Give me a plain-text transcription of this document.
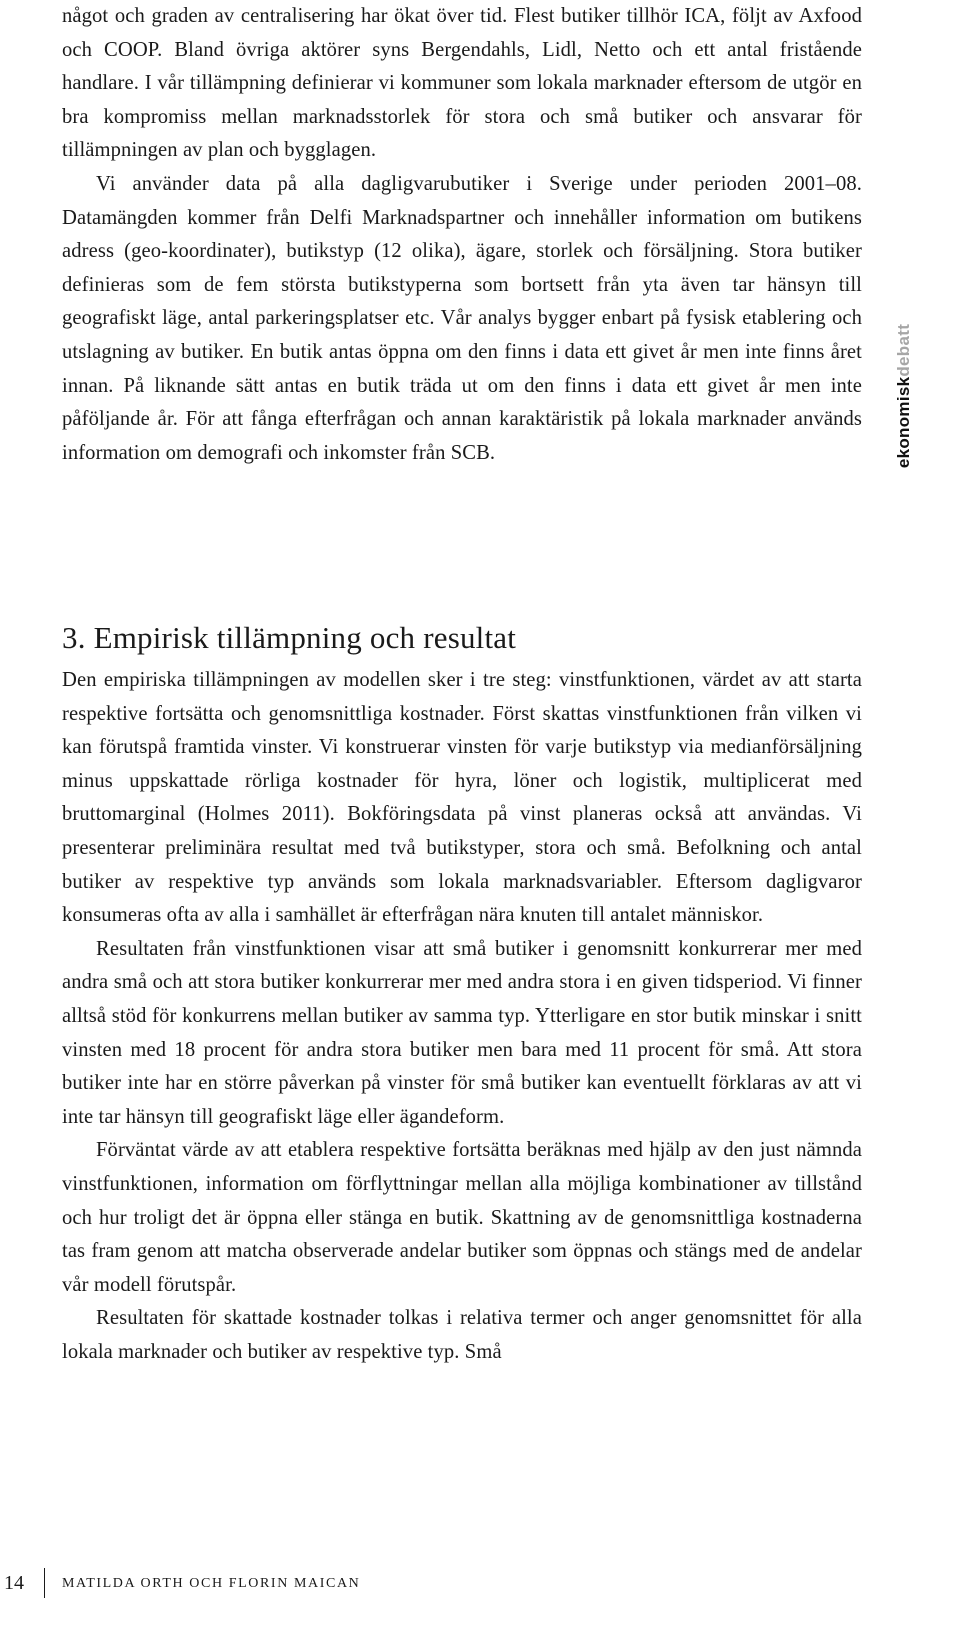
något och graden av centralisering har ökat över tid. Flest butiker tillhör ICA, följt av Axfood och COOP. Bland övriga aktörer syns Bergendahls, Lidl, Netto och ett antal fristående handlare. I vår tillämpning definierar vi kommuner som lokala marknader eftersom de utgör en bra kompromiss mellan marknadsstorlek för stora och små butiker och ansvarar för tillämpningen av plan och bygglagen.

Vi använder data på alla dagligvarubutiker i Sverige under perioden 2001–08. Datamängden kommer från Delfi Marknadspartner och innehåller information om butikens adress (geo-koordinater), butikstyp (12 olika), ägare, storlek och försäljning. Stora butiker definieras som de fem största butikstyperna som bortsett från yta även tar hänsyn till geografiskt läge, antal parkeringsplatser etc. Vår analys bygger enbart på fysisk etablering och utslagning av butiker. En butik antas öppna om den finns i data ett givet år men inte finns året innan. På liknande sätt antas en butik träda ut om den finns i data ett givet år men inte påföljande år. För att fånga efterfrågan och annan karaktäristik på lokala marknader används information om demografi och inkomster från SCB.

3. Empirisk tillämpning och resultat

Den empiriska tillämpningen av modellen sker i tre steg: vinstfunktionen, värdet av att starta respektive fortsätta och genomsnittliga kostnader. Först skattas vinstfunktionen från vilken vi kan förutspå framtida vinster. Vi konstruerar vinsten för varje butikstyp via medianförsäljning minus uppskattade rörliga kostnader för hyra, löner och logistik, multiplicerat med bruttomarginal (Holmes 2011). Bokföringsdata på vinst planeras också att användas. Vi presenterar preliminära resultat med två butikstyper, stora och små. Befolkning och antal butiker av respektive typ används som lokala marknadsvariabler. Eftersom dagligvaror konsumeras ofta av alla i samhället är efterfrågan nära knuten till antalet människor.

Resultaten från vinstfunktionen visar att små butiker i genomsnitt konkurrerar mer med andra små och att stora butiker konkurrerar mer med andra stora i en given tidsperiod. Vi finner alltså stöd för konkurrens mellan butiker av samma typ. Ytterligare en stor butik minskar i snitt vinsten med 18 procent för andra stora butiker men bara med 11 procent för små. Att stora butiker inte har en större påverkan på vinster för små butiker kan eventuellt förklaras av att vi inte tar hänsyn till geografiskt läge eller ägandeform.

Förväntat värde av att etablera respektive fortsätta beräknas med hjälp av den just nämnda vinstfunktionen, information om förflyttningar mellan alla möjliga kombinationer av tillstånd och hur troligt det är öppna eller stänga en butik. Skattning av de genomsnittliga kostnaderna tas fram genom att matcha observerade andelar butiker som öppnas och stängs med de andelar vår modell förutspår.

Resultaten för skattade kostnader tolkas i relativa termer och anger genomsnittet för alla lokala marknader och butiker av respektive typ. Små

ekonomiskdebatt
14	MATILDA ORTH OCH FLORIN MAICAN
